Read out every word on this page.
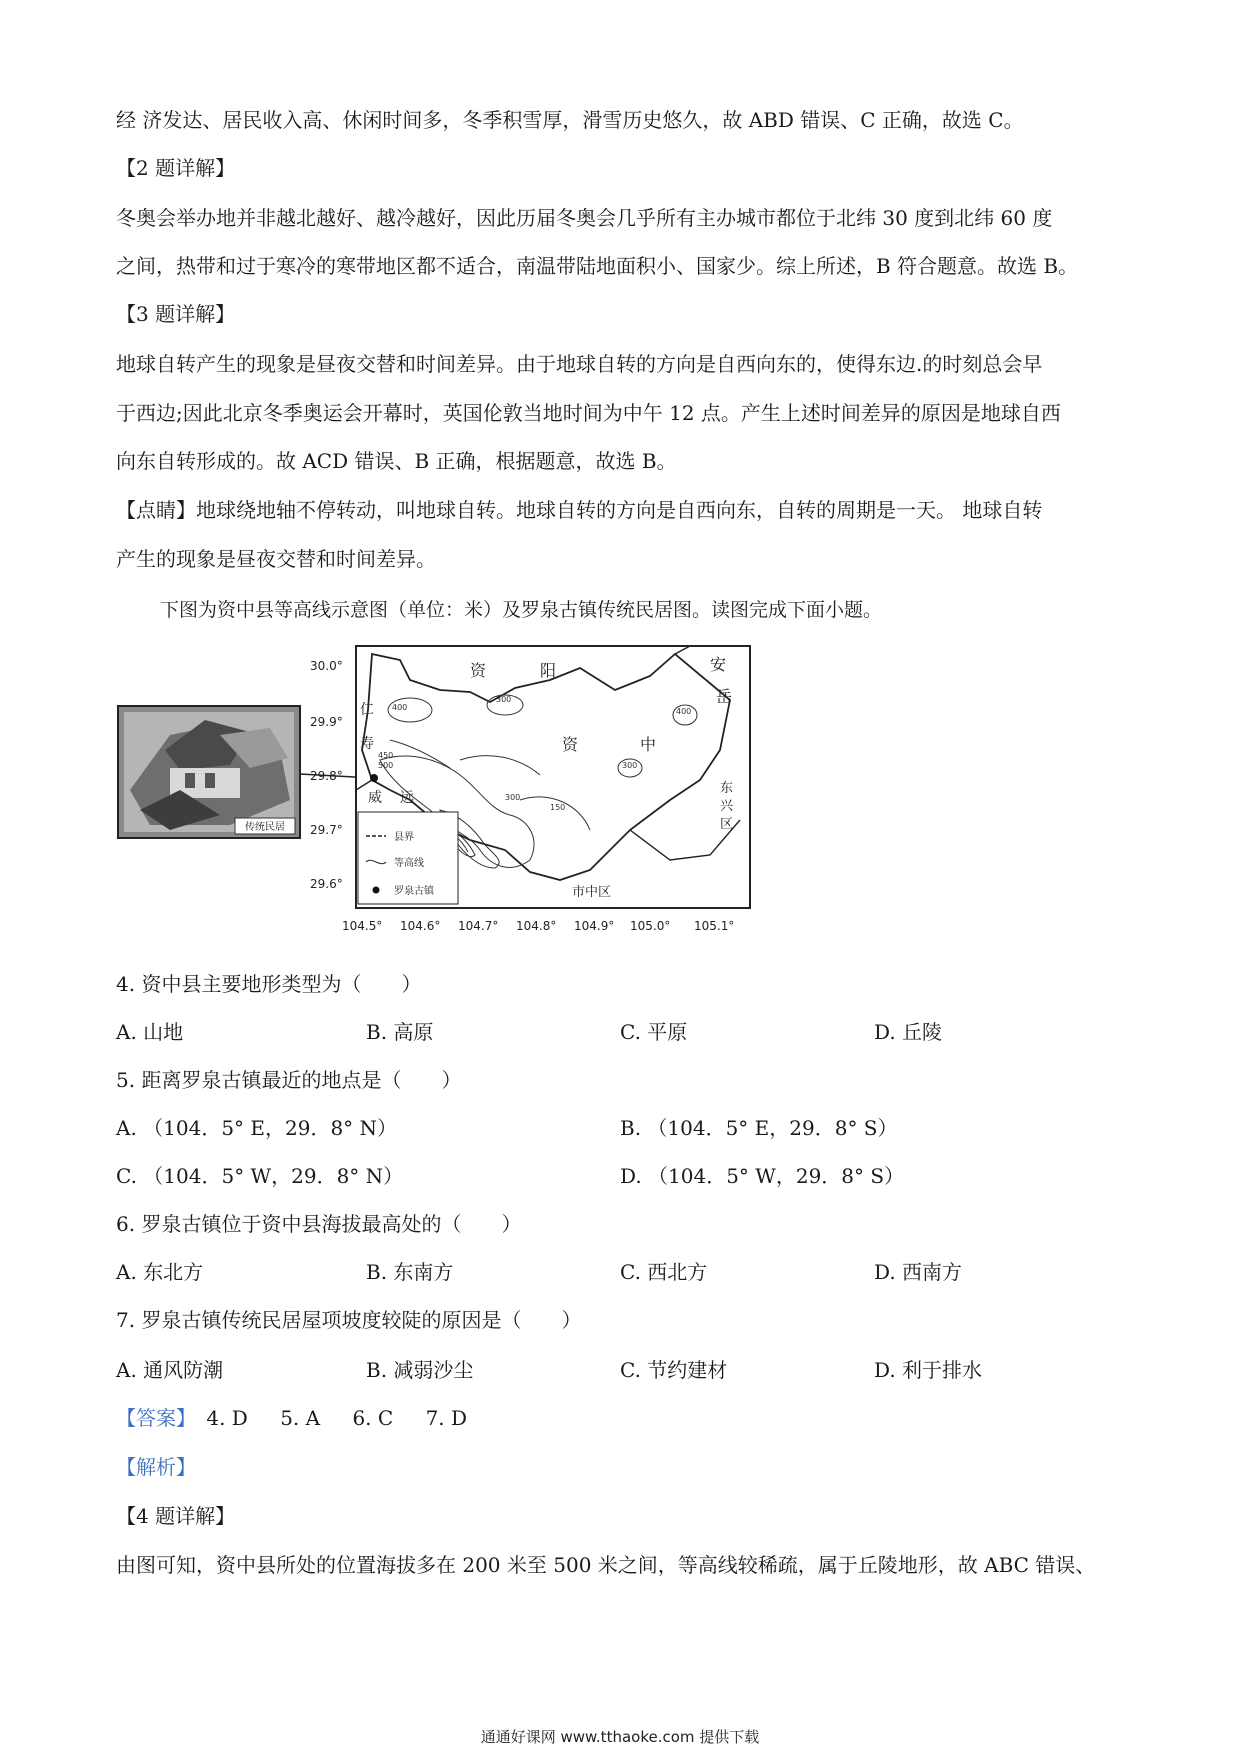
经 济发达、居民收入高、休闲时间多，冬季积雪厚，滑雪历史悠久，故 ABD 错误、C 正确，故选 C。
【2 题详解】
冬奥会举办地并非越北越好、越冷越好，因此历届冬奥会几乎所有主办城市都位于北纬 30 度到北纬 60 度
之间，热带和过于寒冷的寒带地区都不适合，南温带陆地面积小、国家少。综上所述，B 符合题意。故选 B。
【3 题详解】
地球自转产生的现象是昼夜交替和时间差异。由于地球自转的方向是自西向东的，使得东边.的时刻总会早
于西边;因此北京冬季奥运会开幕时，英国伦敦当地时间为中午 12 点。产生上述时间差异的原因是地球自西
向东自转形成的。故 ACD 错误、B 正确，根据题意，故选 B。
【点睛】地球绕地轴不停转动，叫地球自转。地球自转的方向是自西向东，自转的周期是一天。 地球自转
产生的现象是昼夜交替和时间差异。
下图为资中县等高线示意图（单位：米）及罗泉古镇传统民居图。读图完成下面小题。
传统民居
30.0°
29.9°
29.8°
29.7°
29.6°
104.5° 104.6° 104.7° 104.8° 104.9° 105.0° 105.1°
400
300
400
450
500	300
300
150
资	阳	安
岳
仁
寿	资	中
威 远
东
兴
区
市中区
县界
等高线
罗泉古镇
4. 资中县主要地形类型为（　　）
A. 山地	B. 高原	C. 平原	D. 丘陵
5. 距离罗泉古镇最近的地点是（　　）
A. （104．5° E，29．8° N）	B. （104．5° E，29．8° S）
C. （104．5° W，29．8° N）	D. （104．5° W，29．8° S）
6. 罗泉古镇位于资中县海拔最高处的（　　）
A. 东北方	B. 东南方	C. 西北方	D. 西南方
7. 罗泉古镇传统民居屋项坡度较陡的原因是（　　）
A. 通风防潮	B. 减弱沙尘	C. 节约建材	D. 利于排水
【答案】 4. D 5. A 6. C 7. D
【解析】
【4 题详解】
由图可知，资中县所处的位置海拔多在 200 米至 500 米之间，等高线较稀疏，属于丘陵地形，故 ABC 错误、
通通好课网 www.tthaoke.com 提供下载
